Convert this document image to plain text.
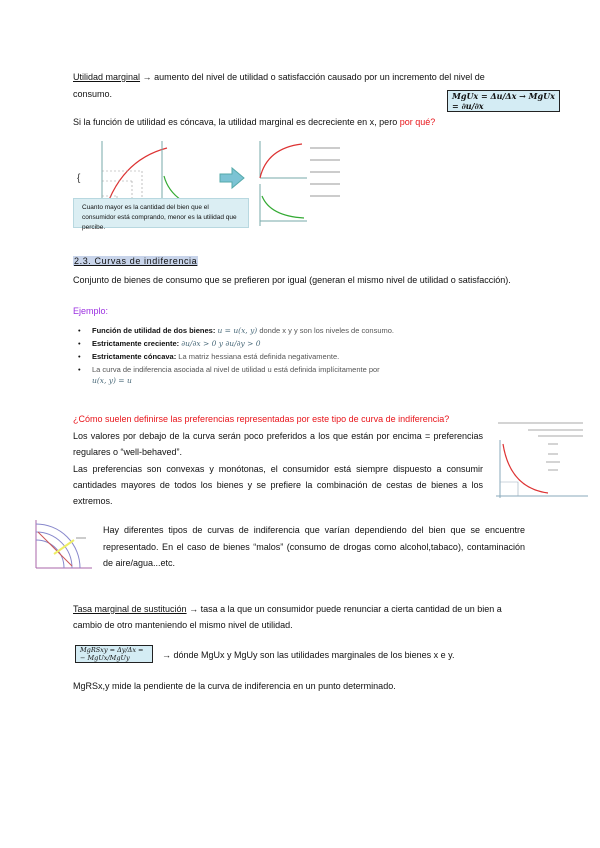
Utilidad marginal → aumento del nivel de utilidad o satisfacción causado por un incremento del nivel de
consumo.	MgUx = Δu/Δx → MgUx = ∂u/∂x
Si la función de utilidad es cóncava, la utilidad marginal es decreciente en x, pero por qué?
{
Cuanto mayor es la cantidad del bien que el consumidor está comprando, menor es la utilidad que percibe.
2.3. Curvas de indiferencia
Conjunto de bienes de consumo que se prefieren por igual (generan el mismo nivel de utilidad o satisfacción).
Ejemplo:
• Función de utilidad de dos bienes: u = u(x, y) donde x y y son los niveles de consumo.
• Estrictamente creciente: ∂u/∂x > 0 y ∂u/∂y > 0
• Estrictamente cóncava: La matriz hessiana está definida negativamente.
• La curva de indiferencia asociada al nivel de utilidad u está definida implícitamente por
u(x, y) = u
¿Cómo suelen definirse las preferencias representadas por este tipo de curva de indiferencia?
Los valores por debajo de la curva serán poco preferidos a los que están por encima = preferencias
regulares o “well-behaved”.
Las preferencias son convexas y monótonas, el consumidor está siempre dispuesto a consumir
cantidades mayores de todos los bienes y se prefiere la combinación de cestas de bienes a los
extremos.
Hay diferentes tipos de curvas de indiferencia que varían dependiendo del bien que se encuentre
representado. En el caso de bienes “malos” (consumo de drogas como alcohol,tabaco), contaminación
de aire/agua...etc.
Tasa marginal de sustitución → tasa a la que un consumidor puede renunciar a cierta cantidad de un bien a
cambio de otro manteniendo el mismo nivel de utilidad.
MgRSxy = Δy/Δx = − MgUx/MgUy	→ dónde MgUx y MgUy son las utilidades marginales de los bienes x e y.
MgRSx,y mide la pendiente de la curva de indiferencia en un punto determinado.
